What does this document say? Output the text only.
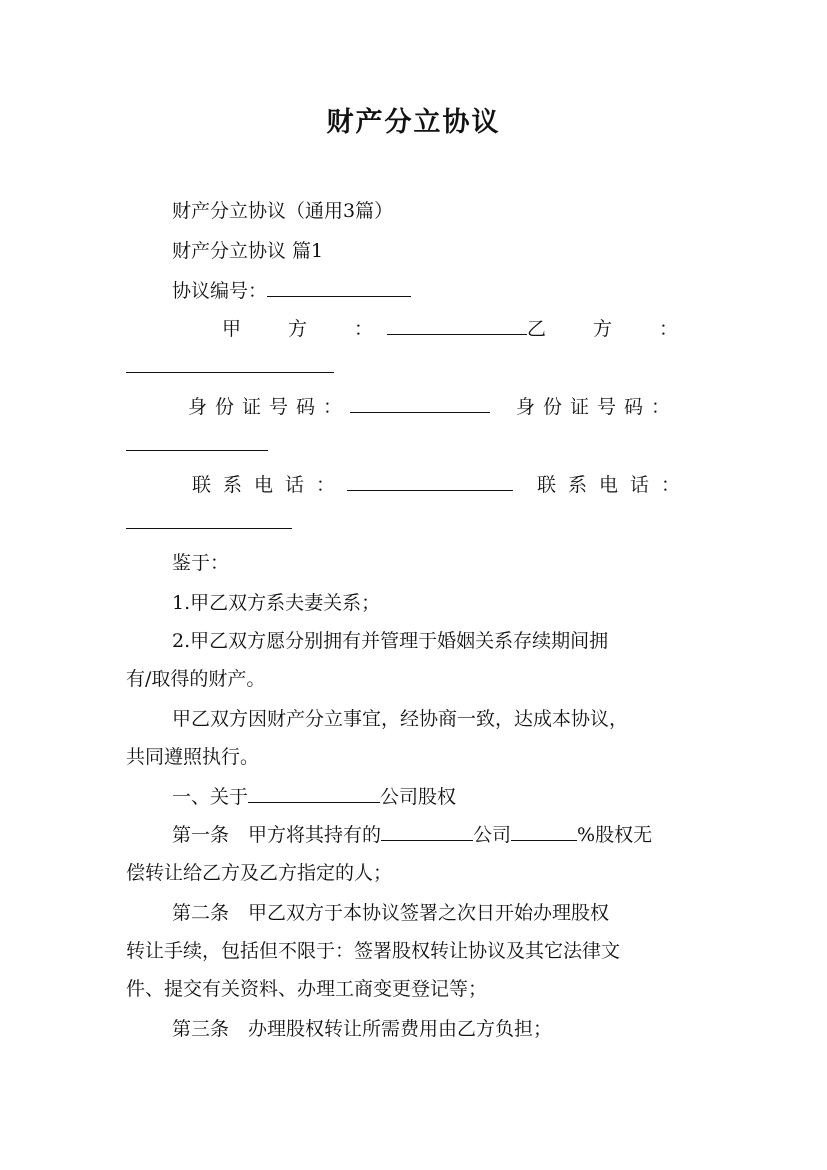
财产分立协议
财产分立协议（通用3篇）
财产分立协议 篇1
协议编号：
甲　方　：	乙　方　：
身份证号码：	身份证号码：
联系电话：	联系电话：
鉴于：
1.甲乙双方系夫妻关系；
2.甲乙双方愿分别拥有并管理于婚姻关系存续期间拥
有/取得的财产。
甲乙双方因财产分立事宜，经协商一致，达成本协议，
共同遵照执行。
一、关于	公司股权
第一条　甲方将其持有的	公司	%股权无
偿转让给乙方及乙方指定的人；
第二条　甲乙双方于本协议签署之次日开始办理股权
转让手续，包括但不限于：签署股权转让协议及其它法律文
件、提交有关资料、办理工商变更登记等；
第三条　办理股权转让所需费用由乙方负担；
